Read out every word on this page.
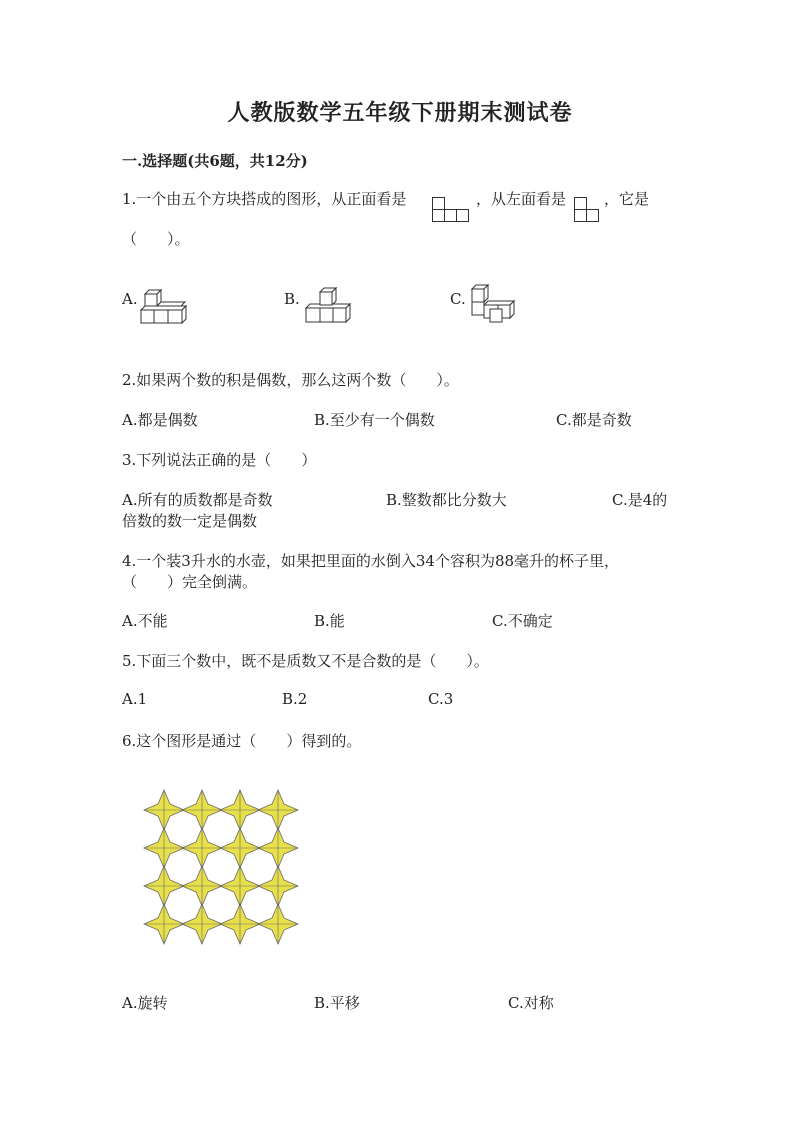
人教版数学五年级下册期末测试卷
一.选择题(共6题，共12分)
1.一个由五个方块搭成的图形，从正面看是	，从左面看是	，它是
（　　）。
A.	B.	C.
2.如果两个数的积是偶数，那么这两个数（　　）。
A.都是偶数	B.至少有一个偶数	C.都是奇数
3.下列说法正确的是（　　）
A.所有的质数都是奇数	B.整数都比分数大	C.是4的
倍数的数一定是偶数
4.一个装3升水的水壶，如果把里面的水倒入34个容积为88毫升的杯子里，
（　　）完全倒满。
A.不能	B.能	C.不确定
5.下面三个数中，既不是质数又不是合数的是（　　）。
A.1	B.2	C.3
6.这个图形是通过（　　）得到的。
A.旋转	B.平移	C.对称
